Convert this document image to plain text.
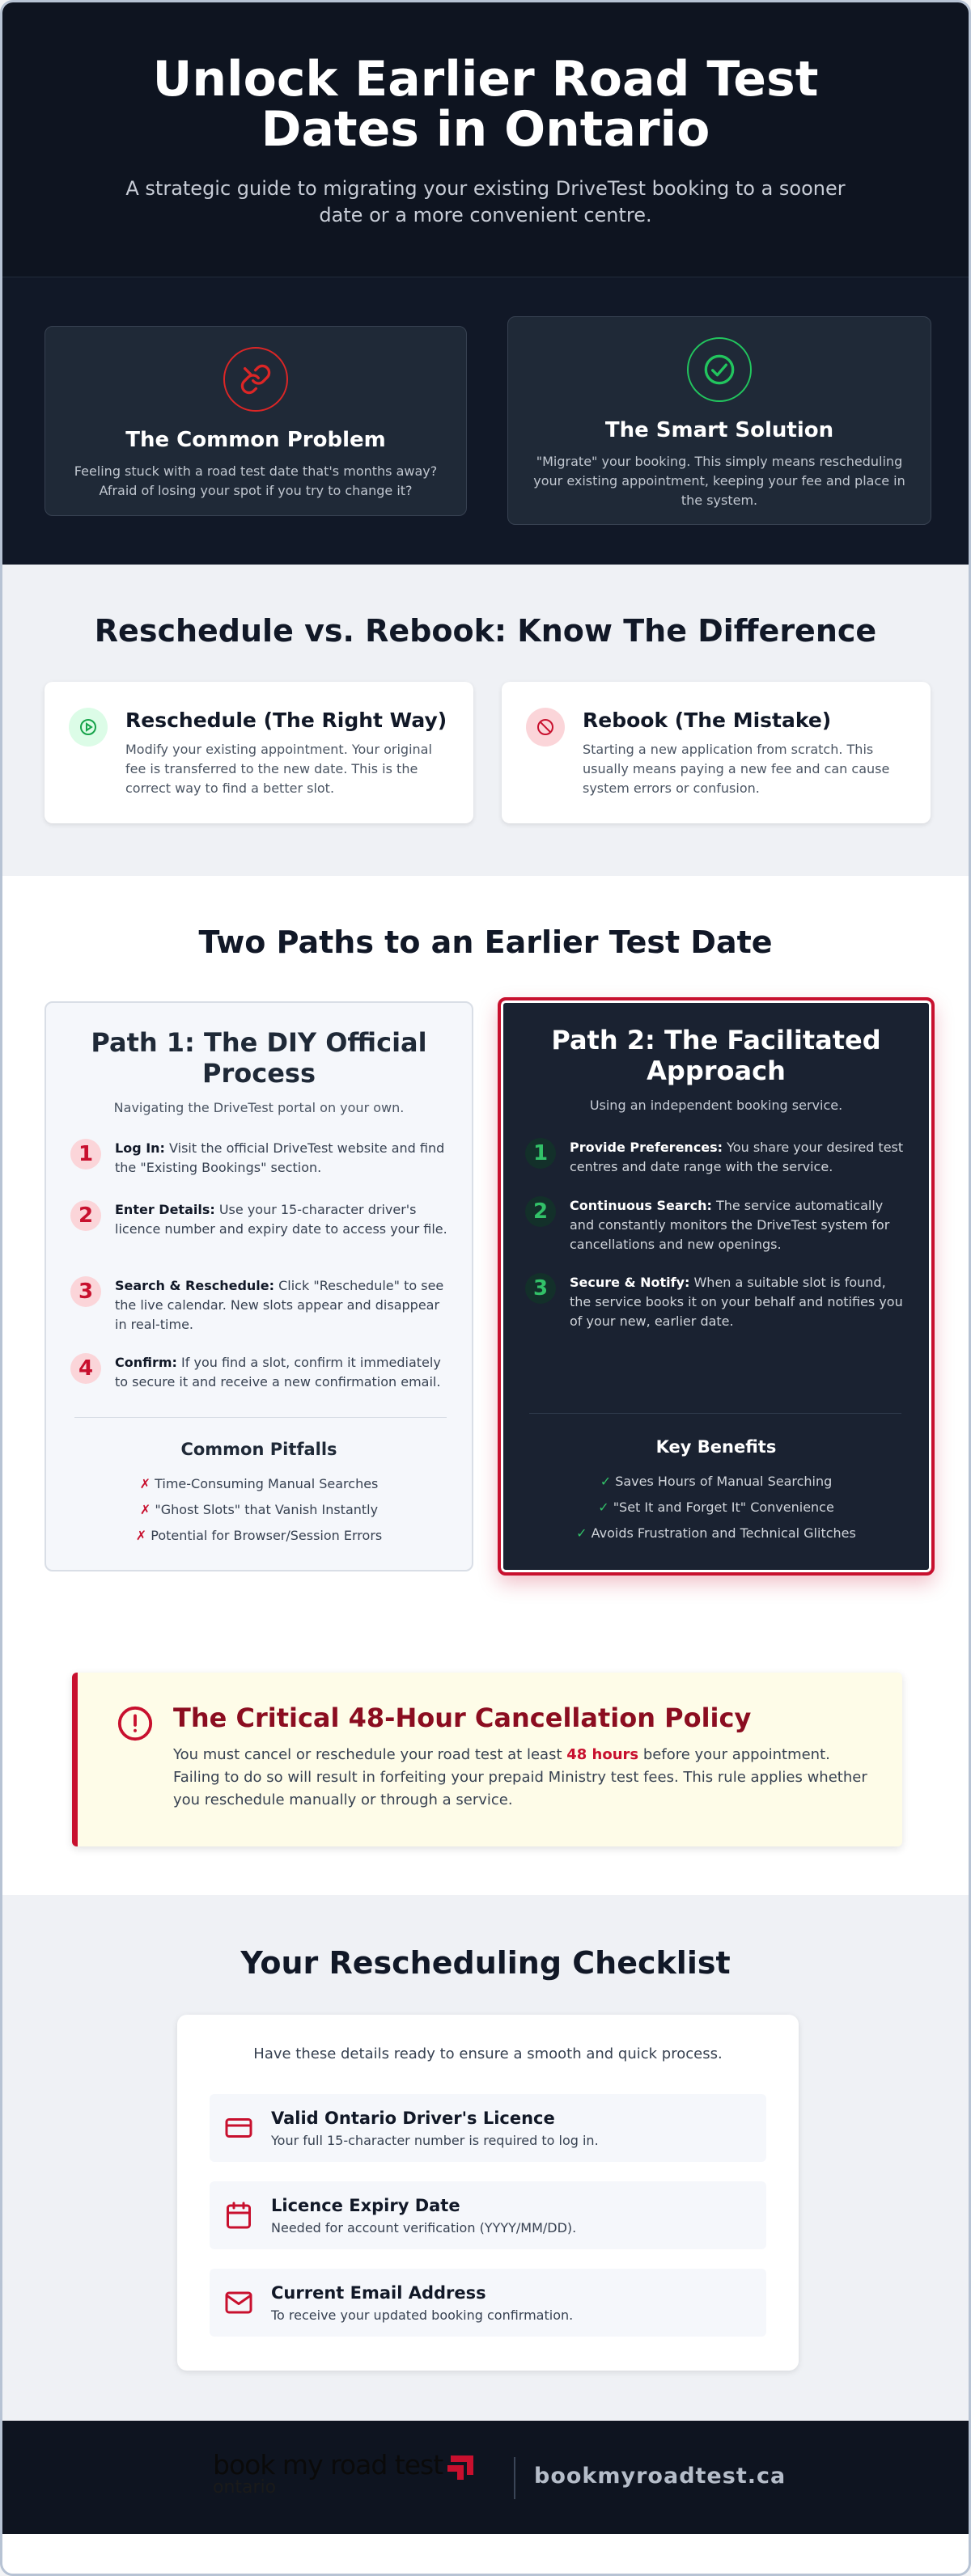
Unlock Earlier Road Test Dates in Ontario

A strategic guide to migrating your existing DriveTest booking to a sooner date or a more convenient centre.

The Common Problem

Feeling stuck with a road test date that's months away? Afraid of losing your spot if you try to change it?

The Smart Solution

"Migrate" your booking. This simply means rescheduling your existing appointment, keeping your fee and place in the system.

Reschedule vs. Rebook: Know The Difference
Reschedule (The Right Way)

Modify your existing appointment. Your original fee is transferred to the new date. This is the correct way to find a better slot.

Rebook (The Mistake)

Starting a new application from scratch. This usually means paying a new fee and can cause system errors or confusion.

Two Paths to an Earlier Test Date
Path 1: The DIY Official Process
Navigating the DriveTest portal on your own.
1	Log In: Visit the official DriveTest website and find the "Existing Bookings" section.
2	Enter Details: Use your 15-character driver's licence number and expiry date to access your file.
3	Search & Reschedule: Click "Reschedule" to see the live calendar. New slots appear and disappear in real-time.
4	Confirm: If you find a slot, confirm it immediately to secure it and receive a new confirmation email.
Common Pitfalls
✗ Time-Consuming Manual Searches
✗ "Ghost Slots" that Vanish Instantly
✗ Potential for Browser/Session Errors
Path 2: The Facilitated Approach
Using an independent booking service.
1	Provide Preferences: You share your desired test centres and date range with the service.
2	Continuous Search: The service automatically and constantly monitors the DriveTest system for cancellations and new openings.
3	Secure & Notify: When a suitable slot is found, the service books it on your behalf and notifies you of your new, earlier date.
Key Benefits
✓ Saves Hours of Manual Searching
✓ "Set It and Forget It" Convenience
✓ Avoids Frustration and Technical Glitches
The Critical 48-Hour Cancellation Policy

You must cancel or reschedule your road test at least 48 hours before your appointment. Failing to do so will result in forfeiting your prepaid Ministry test fees. This rule applies whether you reschedule manually or through a service.

Your Rescheduling Checklist
Have these details ready to ensure a smooth and quick process.
Valid Ontario Driver's Licence

Your full 15-character number is required to log in.

Licence Expiry Date

Needed for account verification (YYYY/MM/DD).

Current Email Address

To receive your updated booking confirmation.

book my road test
ontario	bookmyroadtest.ca
